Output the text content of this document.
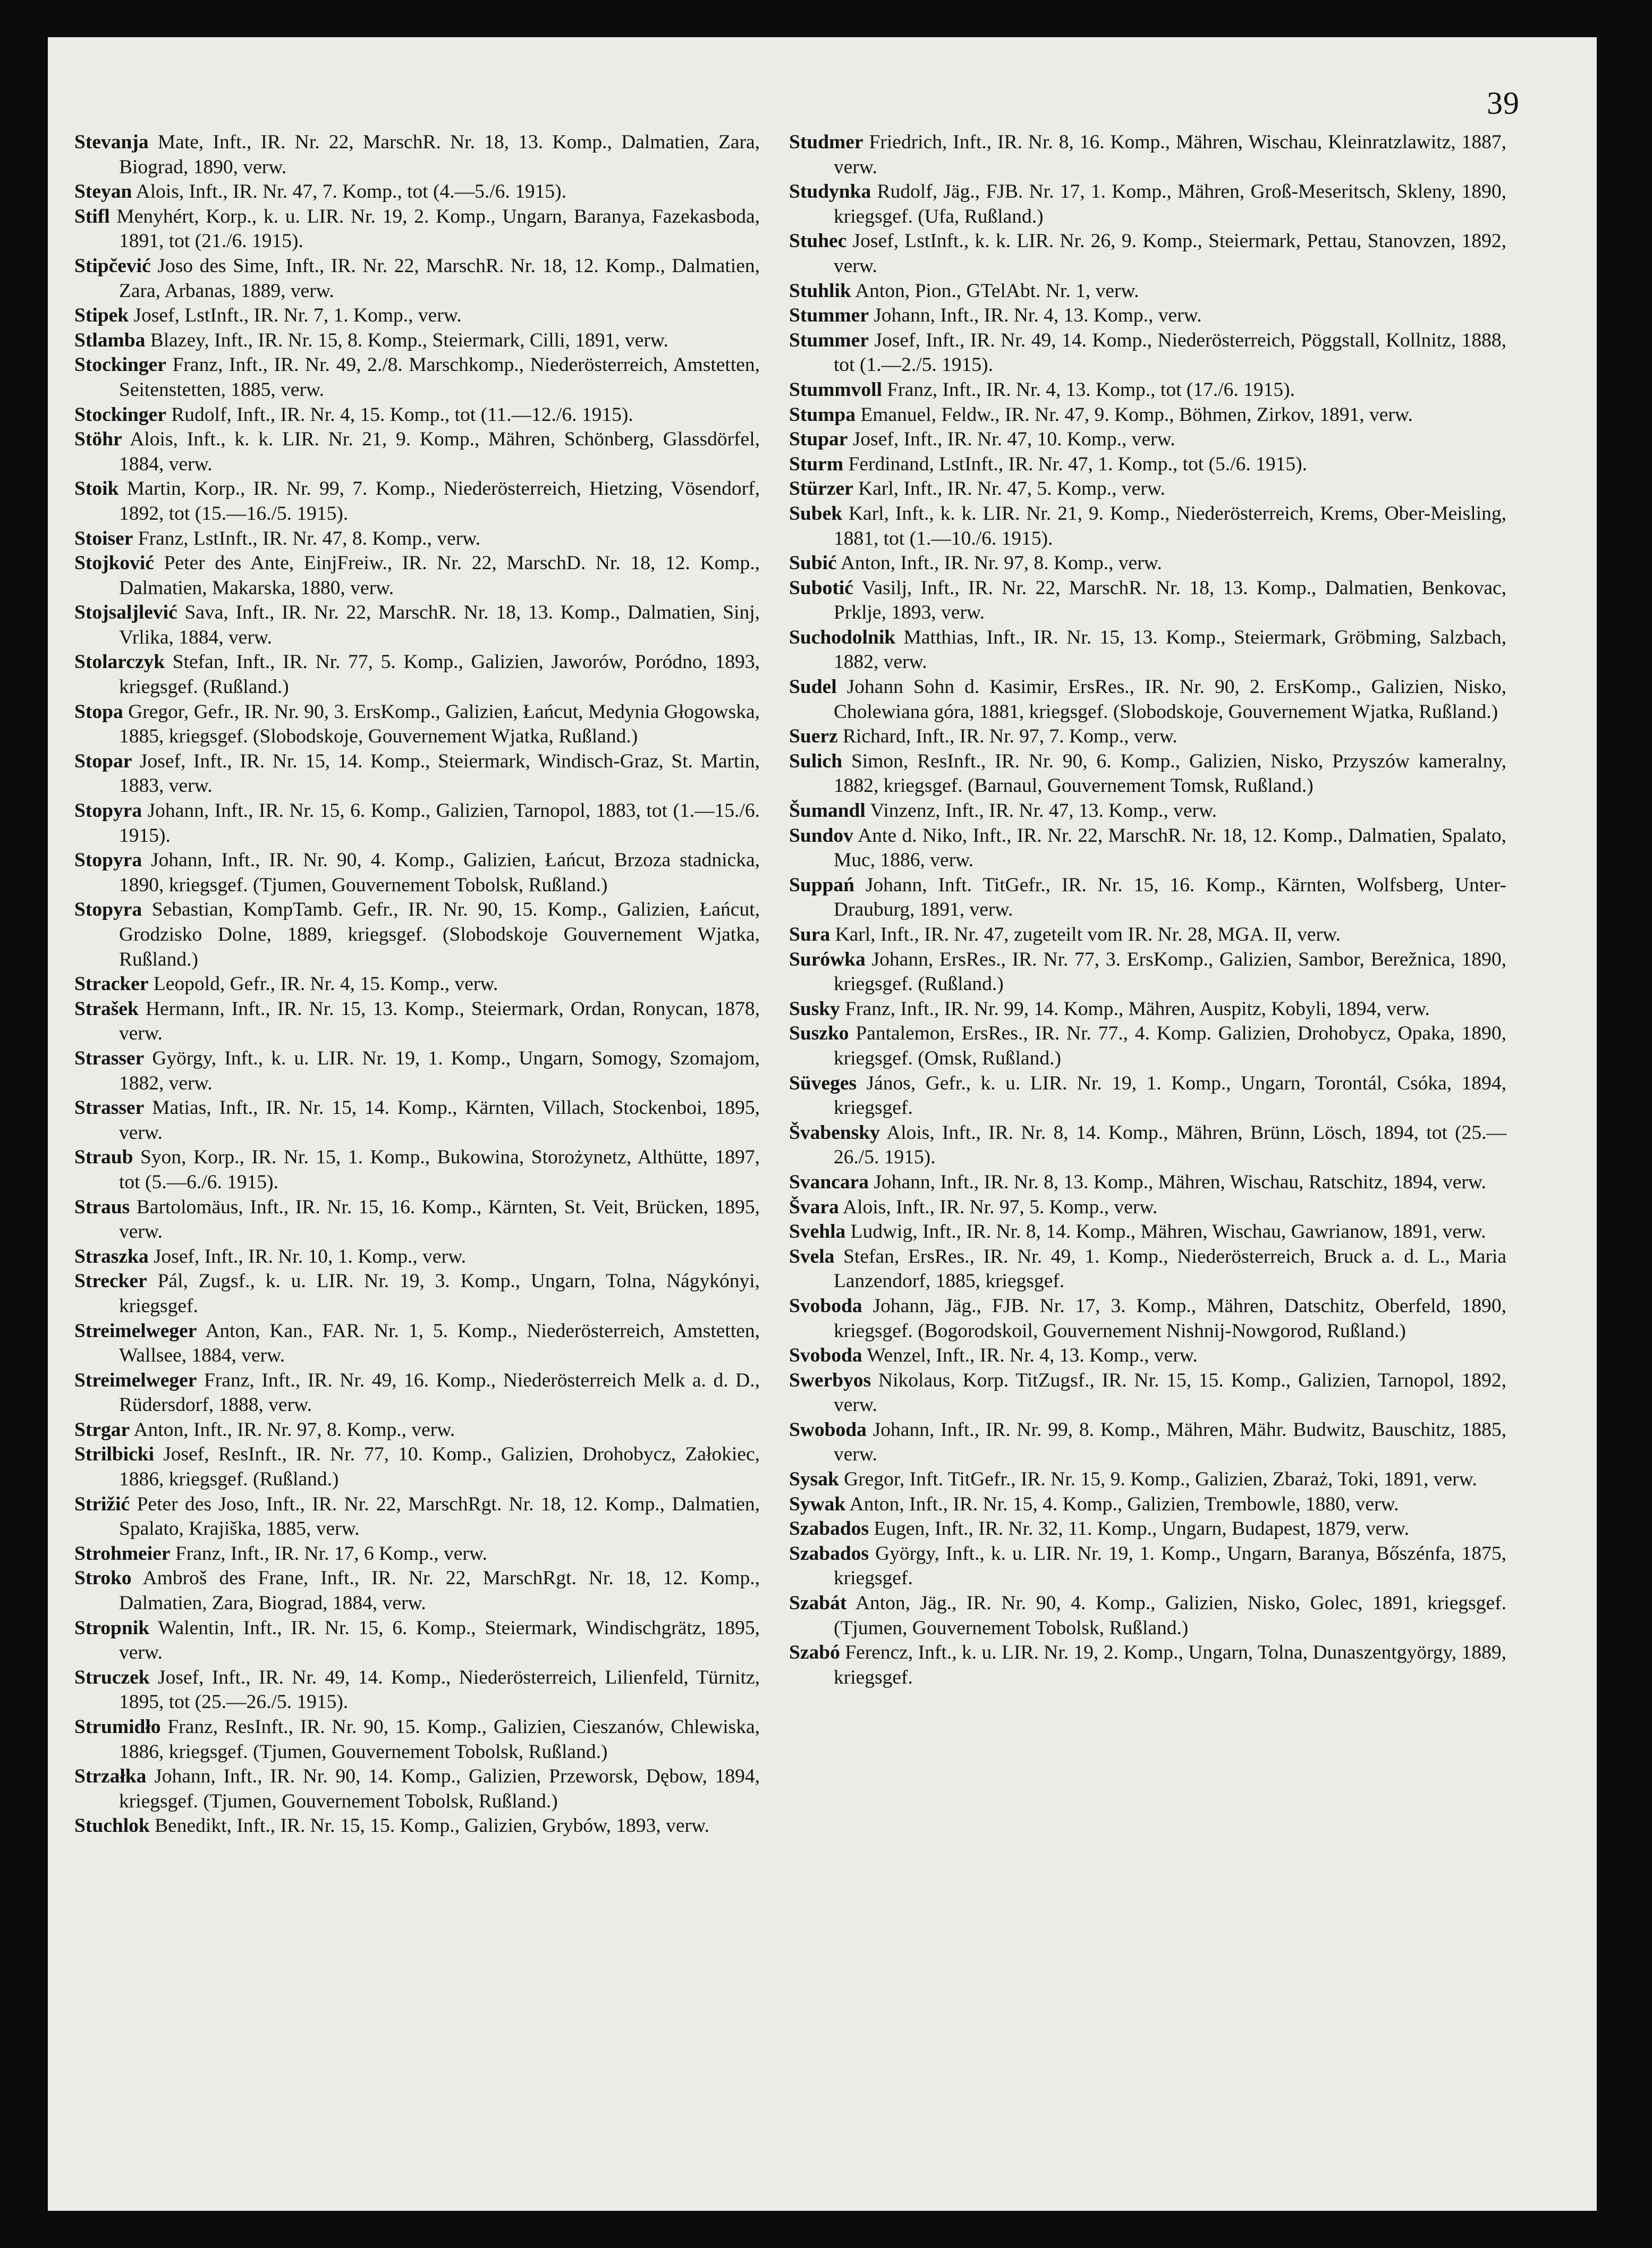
39
Stevanja Mate, Inft., IR. Nr. 22, MarschR. Nr. 18, 13. Komp., Dalmatien, Zara, Biograd, 1890, verw.
Steyan Alois, Inft., IR. Nr. 47, 7. Komp., tot (4.—5./6. 1915).
Stifl Menyhért, Korp., k. u. LIR. Nr. 19, 2. Komp., Ungarn, Baranya, Fazekasboda, 1891, tot (21./6. 1915).
Stipčević Joso des Sime, Inft., IR. Nr. 22, MarschR. Nr. 18, 12. Komp., Dalmatien, Zara, Arbanas, 1889, verw.
Stipek Josef, LstInft., IR. Nr. 7, 1. Komp., verw.
Stlamba Blazey, Inft., IR. Nr. 15, 8. Komp., Steiermark, Cilli, 1891, verw.
Stockinger Franz, Inft., IR. Nr. 49, 2./8. Marschkomp., Niederösterreich, Amstetten, Seitenstetten, 1885, verw.
Stockinger Rudolf, Inft., IR. Nr. 4, 15. Komp., tot (11.—12./6. 1915).
Stöhr Alois, Inft., k. k. LIR. Nr. 21, 9. Komp., Mähren, Schönberg, Glassdörfel, 1884, verw.
Stoik Martin, Korp., IR. Nr. 99, 7. Komp., Niederösterreich, Hietzing, Vösendorf, 1892, tot (15.—16./5. 1915).
Stoiser Franz, LstInft., IR. Nr. 47, 8. Komp., verw.
Stojković Peter des Ante, EinjFreiw., IR. Nr. 22, MarschD. Nr. 18, 12. Komp., Dalmatien, Makarska, 1880, verw.
Stojsaljlević Sava, Inft., IR. Nr. 22, MarschR. Nr. 18, 13. Komp., Dalmatien, Sinj, Vrlika, 1884, verw.
Stolarczyk Stefan, Inft., IR. Nr. 77, 5. Komp., Galizien, Jaworów, Poródno, 1893, kriegsgef. (Rußland.)
Stopa Gregor, Gefr., IR. Nr. 90, 3. ErsKomp., Galizien, Łańcut, Medynia Głogowska, 1885, kriegsgef. (Slobodskoje, Gouvernement Wjatka, Rußland.)
Stopar Josef, Inft., IR. Nr. 15, 14. Komp., Steiermark, Windisch-Graz, St. Martin, 1883, verw.
Stopyra Johann, Inft., IR. Nr. 15, 6. Komp., Galizien, Tarnopol, 1883, tot (1.—15./6. 1915).
Stopyra Johann, Inft., IR. Nr. 90, 4. Komp., Galizien, Łańcut, Brzoza stadnicka, 1890, kriegsgef. (Tjumen, Gouvernement Tobolsk, Rußland.)
Stopyra Sebastian, KompTamb. Gefr., IR. Nr. 90, 15. Komp., Galizien, Łańcut, Grodzisko Dolne, 1889, kriegsgef. (Slobodskoje Gouvernement Wjatka, Rußland.)
Stracker Leopold, Gefr., IR. Nr. 4, 15. Komp., verw.
Strašek Hermann, Inft., IR. Nr. 15, 13. Komp., Steiermark, Ordan, Ronycan, 1878, verw.
Strasser György, Inft., k. u. LIR. Nr. 19, 1. Komp., Ungarn, Somogy, Szomajom, 1882, verw.
Strasser Matias, Inft., IR. Nr. 15, 14. Komp., Kärnten, Villach, Stockenboi, 1895, verw.
Straub Syon, Korp., IR. Nr. 15, 1. Komp., Bukowina, Storożynetz, Althütte, 1897, tot (5.—6./6. 1915).
Straus Bartolomäus, Inft., IR. Nr. 15, 16. Komp., Kärnten, St. Veit, Brücken, 1895, verw.
Straszka Josef, Inft., IR. Nr. 10, 1. Komp., verw.
Strecker Pál, Zugsf., k. u. LIR. Nr. 19, 3. Komp., Ungarn, Tolna, Nágykónyi, kriegsgef.
Streimelweger Anton, Kan., FAR. Nr. 1, 5. Komp., Niederösterreich, Amstetten, Wallsee, 1884, verw.
Streimelweger Franz, Inft., IR. Nr. 49, 16. Komp., Niederösterreich Melk a. d. D., Rüdersdorf, 1888, verw.
Strgar Anton, Inft., IR. Nr. 97, 8. Komp., verw.
Strilbicki Josef, ResInft., IR. Nr. 77, 10. Komp., Galizien, Drohobycz, Załokiec, 1886, kriegsgef. (Rußland.)
Strižić Peter des Joso, Inft., IR. Nr. 22, MarschRgt. Nr. 18, 12. Komp., Dalmatien, Spalato, Krajiška, 1885, verw.
Strohmeier Franz, Inft., IR. Nr. 17, 6 Komp., verw.
Stroko Ambroš des Frane, Inft., IR. Nr. 22, MarschRgt. Nr. 18, 12. Komp., Dalmatien, Zara, Biograd, 1884, verw.
Stropnik Walentin, Inft., IR. Nr. 15, 6. Komp., Steiermark, Windischgrätz, 1895, verw.
Struczek Josef, Inft., IR. Nr. 49, 14. Komp., Niederösterreich, Lilienfeld, Türnitz, 1895, tot (25.—26./5. 1915).
Strumidło Franz, ResInft., IR. Nr. 90, 15. Komp., Galizien, Cieszanów, Chlewiska, 1886, kriegsgef. (Tjumen, Gouvernement Tobolsk, Rußland.)
Strzałka Johann, Inft., IR. Nr. 90, 14. Komp., Galizien, Przeworsk, Dębow, 1894, kriegsgef. (Tjumen, Gouvernement Tobolsk, Rußland.)
Stuchlok Benedikt, Inft., IR. Nr. 15, 15. Komp., Galizien, Grybów, 1893, verw.
Studmer Friedrich, Inft., IR. Nr. 8, 16. Komp., Mähren, Wischau, Kleinratzlawitz, 1887, verw.
Studynka Rudolf, Jäg., FJB. Nr. 17, 1. Komp., Mähren, Groß-Meseritsch, Skleny, 1890, kriegsgef. (Ufa, Rußland.)
Stuhec Josef, LstInft., k. k. LIR. Nr. 26, 9. Komp., Steiermark, Pettau, Stanovzen, 1892, verw.
Stuhlik Anton, Pion., GTelAbt. Nr. 1, verw.
Stummer Johann, Inft., IR. Nr. 4, 13. Komp., verw.
Stummer Josef, Inft., IR. Nr. 49, 14. Komp., Niederösterreich, Pöggstall, Kollnitz, 1888, tot (1.—2./5. 1915).
Stummvoll Franz, Inft., IR. Nr. 4, 13. Komp., tot (17./6. 1915).
Stumpa Emanuel, Feldw., IR. Nr. 47, 9. Komp., Böhmen, Zirkov, 1891, verw.
Stupar Josef, Inft., IR. Nr. 47, 10. Komp., verw.
Sturm Ferdinand, LstInft., IR. Nr. 47, 1. Komp., tot (5./6. 1915).
Stürzer Karl, Inft., IR. Nr. 47, 5. Komp., verw.
Subek Karl, Inft., k. k. LIR. Nr. 21, 9. Komp., Niederösterreich, Krems, Ober-Meisling, 1881, tot (1.—10./6. 1915).
Subić Anton, Inft., IR. Nr. 97, 8. Komp., verw.
Subotić Vasilj, Inft., IR. Nr. 22, MarschR. Nr. 18, 13. Komp., Dalmatien, Benkovac, Prklje, 1893, verw.
Suchodolnik Matthias, Inft., IR. Nr. 15, 13. Komp., Steiermark, Gröbming, Salzbach, 1882, verw.
Sudel Johann Sohn d. Kasimir, ErsRes., IR. Nr. 90, 2. ErsKomp., Galizien, Nisko, Cholewiana góra, 1881, kriegsgef. (Slobodskoje, Gouvernement Wjatka, Rußland.)
Suerz Richard, Inft., IR. Nr. 97, 7. Komp., verw.
Sulich Simon, ResInft., IR. Nr. 90, 6. Komp., Galizien, Nisko, Przyszów kameralny, 1882, kriegsgef. (Barnaul, Gouvernement Tomsk, Rußland.)
Šumandl Vinzenz, Inft., IR. Nr. 47, 13. Komp., verw.
Sundov Ante d. Niko, Inft., IR. Nr. 22, MarschR. Nr. 18, 12. Komp., Dalmatien, Spalato, Muc, 1886, verw.
Suppań Johann, Inft. TitGefr., IR. Nr. 15, 16. Komp., Kärnten, Wolfsberg, Unter-Drauburg, 1891, verw.
Sura Karl, Inft., IR. Nr. 47, zugeteilt vom IR. Nr. 28, MGA. II, verw.
Surówka Johann, ErsRes., IR. Nr. 77, 3. ErsKomp., Galizien, Sambor, Berežnica, 1890, kriegsgef. (Rußland.)
Susky Franz, Inft., IR. Nr. 99, 14. Komp., Mähren, Auspitz, Kobyli, 1894, verw.
Suszko Pantalemon, ErsRes., IR. Nr. 77., 4. Komp. Galizien, Drohobycz, Opaka, 1890, kriegsgef. (Omsk, Rußland.)
Süveges János, Gefr., k. u. LIR. Nr. 19, 1. Komp., Ungarn, Torontál, Csóka, 1894, kriegsgef.
Švabensky Alois, Inft., IR. Nr. 8, 14. Komp., Mähren, Brünn, Lösch, 1894, tot (25.—26./5. 1915).
Svancara Johann, Inft., IR. Nr. 8, 13. Komp., Mähren, Wischau, Ratschitz, 1894, verw.
Švara Alois, Inft., IR. Nr. 97, 5. Komp., verw.
Svehla Ludwig, Inft., IR. Nr. 8, 14. Komp., Mähren, Wischau, Gawrianow, 1891, verw.
Svela Stefan, ErsRes., IR. Nr. 49, 1. Komp., Niederösterreich, Bruck a. d. L., Maria Lanzendorf, 1885, kriegsgef.
Svoboda Johann, Jäg., FJB. Nr. 17, 3. Komp., Mähren, Datschitz, Oberfeld, 1890, kriegsgef. (Bogorodskoil, Gouvernement Nishnij-Nowgorod, Rußland.)
Svoboda Wenzel, Inft., IR. Nr. 4, 13. Komp., verw.
Swerbyos Nikolaus, Korp. TitZugsf., IR. Nr. 15, 15. Komp., Galizien, Tarnopol, 1892, verw.
Swoboda Johann, Inft., IR. Nr. 99, 8. Komp., Mähren, Mähr. Budwitz, Bauschitz, 1885, verw.
Sysak Gregor, Inft. TitGefr., IR. Nr. 15, 9. Komp., Galizien, Zbaraż, Toki, 1891, verw.
Sywak Anton, Inft., IR. Nr. 15, 4. Komp., Galizien, Trembowle, 1880, verw.
Szabados Eugen, Inft., IR. Nr. 32, 11. Komp., Ungarn, Budapest, 1879, verw.
Szabados György, Inft., k. u. LIR. Nr. 19, 1. Komp., Ungarn, Baranya, Bőszénfa, 1875, kriegsgef.
Szabát Anton, Jäg., IR. Nr. 90, 4. Komp., Galizien, Nisko, Golec, 1891, kriegsgef. (Tjumen, Gouvernement Tobolsk, Rußland.)
Szabó Ferencz, Inft., k. u. LIR. Nr. 19, 2. Komp., Ungarn, Tolna, Dunaszentgyörgy, 1889, kriegsgef.
